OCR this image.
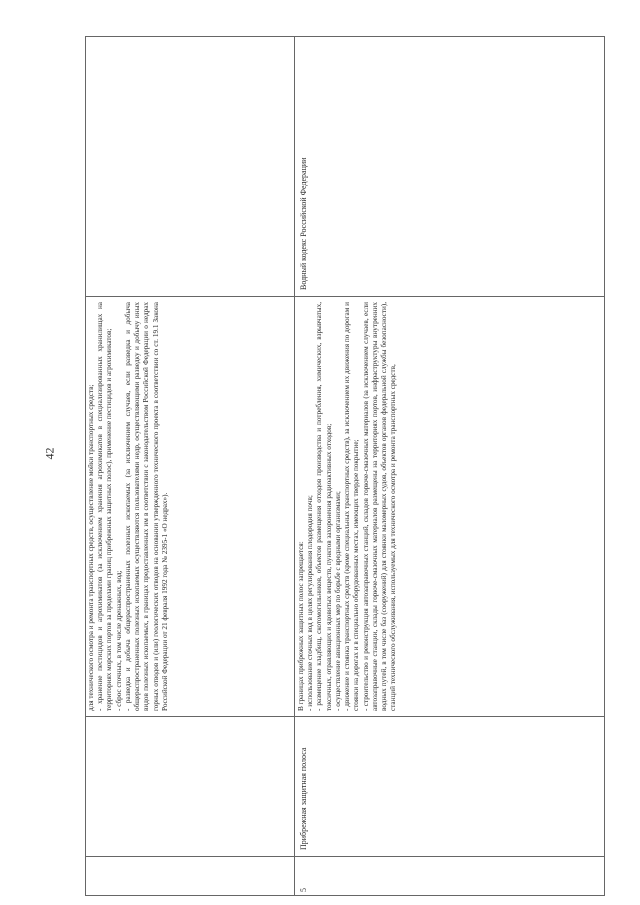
42	для технического осмотра и ремонта транспортных средств, осуществление мойки транспортных средств; - хранение пестицидов и агрохимикатов (за исключением хранения агрохимикатов в специализированных хранилищах на территориях морских портов за пределами границ прибрежных защитных полос), применение пестицидов и агрохимикатов; - сброс сточных, в том числе дренажных, вод; - разведка и добыча общераспространенных полезных ископаемых (за исключением случаев, если разведка и добыча общераспространенных полезных ископаемых осуществляются пользователями недр, осуществляющими разведку и добычу иных видов полезных ископаемых, в границах предоставленных им в соответствии с законодательством Российской Федерации о недрах горных отводов и (или) геологических отводов на основании утвержденного технического проекта в соответствии со ст. 19.1 Закона Российской Федерации от 21 февраля 1992 года № 2395-1 «О недрах»).

5
Прибрежная защитная полоса

В границах прибрежных защитных полос запрещается: - использование сточных вод в целях регулирования плодородия почв; - размещение кладбищ, скотомогильников, объектов размещения отходов производства и потребления, химических, взрывчатых, токсичных, отравляющих и ядовитых веществ, пунктов захоронения радиоактивных отходов; - осуществление авиационных мер по борьбе с вредными организмами; - движение и стоянка транспортных средств (кроме специальных транспортных средств), за исключением их движения по дорогам и стоянки на дорогах и в специально оборудованных местах, имеющих твердое покрытие; - строительство и реконструкция автозаправочных станций, складов горюче-смазочных материалов (за исключением случаев, если автозаправочные станции, склады горюче-смазочных материалов размещены на территориях портов, инфраструктуры внутренних водных путей, в том числе баз (сооружений) для стоянки маломерных судов, объектов органов федеральной службы безопасности), станций технического обслуживания, используемых для технического осмотра и ремонта транспортных средств,

Водный кодекс Российской Федерации
